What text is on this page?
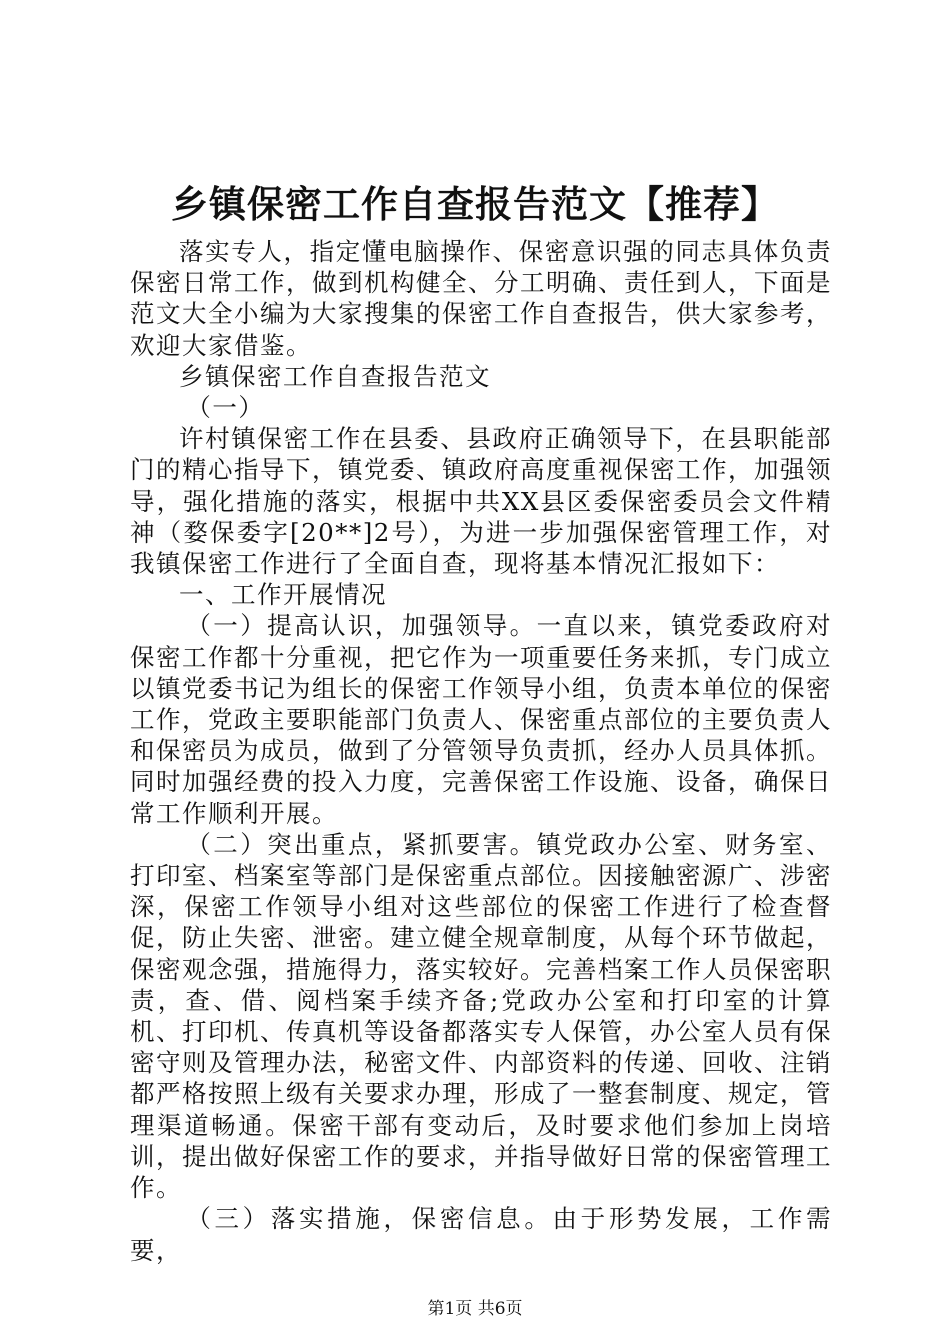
乡镇保密工作自查报告范文【推荐】

落实专人，指定懂电脑操作、保密意识强的同志具体负责保密日常工作，做到机构健全、分工明确、责任到人，下面是范文大全小编为大家搜集的保密工作自查报告，供大家参考，欢迎大家借鉴。

乡镇保密工作自查报告范文

（一）

许村镇保密工作在县委、县政府正确领导下，在县职能部门的精心指导下，镇党委、镇政府高度重视保密工作，加强领导，强化措施的落实，根据中共XX县区委保密委员会文件精神（婺保委字[20**]2号），为进一步加强保密管理工作，对我镇保密工作进行了全面自查，现将基本情况汇报如下：

一、工作开展情况

（一）提高认识，加强领导。一直以来，镇党委政府对保密工作都十分重视，把它作为一项重要任务来抓，专门成立以镇党委书记为组长的保密工作领导小组，负责本单位的保密工作，党政主要职能部门负责人、保密重点部位的主要负责人和保密员为成员，做到了分管领导负责抓，经办人员具体抓。同时加强经费的投入力度，完善保密工作设施、设备，确保日常工作顺利开展。

（二）突出重点，紧抓要害。镇党政办公室、财务室、打印室、档案室等部门是保密重点部位。因接触密源广、涉密深，保密工作领导小组对这些部位的保密工作进行了检查督促，防止失密、泄密。建立健全规章制度，从每个环节做起，保密观念强，措施得力，落实较好。完善档案工作人员保密职责，查、借、阅档案手续齐备;党政办公室和打印室的计算机、打印机、传真机等设备都落实专人保管，办公室人员有保密守则及管理办法，秘密文件、内部资料的传递、回收、注销都严格按照上级有关要求办理，形成了一整套制度、规定，管理渠道畅通。保密干部有变动后，及时要求他们参加上岗培训，提出做好保密工作的要求，并指导做好日常的保密管理工作。

（三）落实措施，保密信息。由于形势发展，工作需要，

第1页 共6页
